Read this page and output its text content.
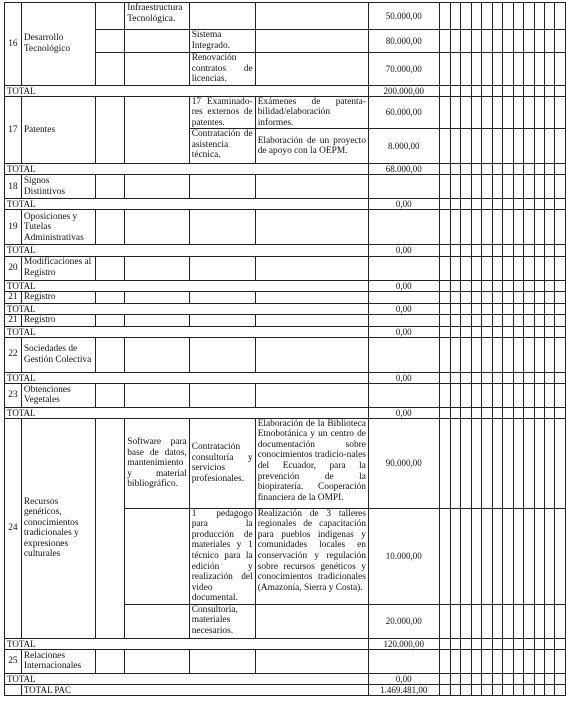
16	Desarrollo Tecnológico		Infraestructura Tecnológica.			50.000,00												
				Sistema Integrado.		80.000,00												
				Renovación contratos de licencias.		70.000,00												
TOTAL						200.000,00												
17	Patentes			17 Examinado-res externos de patentes.	Exámenes de patenta-bilidad/elaboración informes.	60.000,00												
				Contratación de asistencia técnica.	Elaboración de un proyecto de apoyo con la OEPM.	8.000,00												
TOTAL						68.000,00												
18	Signos Distintivos																	
TOTAL						0,00												
19	Oposiciones y Tutelas Administrativas																	
TOTAL						0,00												
20	Modificaciones al Registro																	
TOTAL						0,00												
21	Registro																	
TOTAL						0,00												
21	Registro																	
TOTAL						0,00												
22	Sociedades de Gestión Colectiva																	
TOTAL						0,00												
23	Obtenciones Vegetales																	
TOTAL						0,00												
24	Recursos genéticos, conocimientos tradicionales y expresiones culturales		Software para base de datos, mantenimiento y material bibliográfico.	Contratación consultoría y servicios profesionales.	Elaboración de la Biblioteca Etnobotánica y un centro de documentación sobre conocimientos tradicio-nales del Ecuador, para la prevención de la biopiratería. Cooperación financiera de la OMPI.	90.000,00												
				1 pedagogo para la producción de materiales y 1 técnico para la edición y realización del video documental.	Realización de 3 talleres regionales de capacitación para pueblos indígenas y comunidades locales en conservación y regulación sobre recursos genéticos y conocimientos tradicionales (Amazonía, Sierra y Costa).	10.000,00												
				Consultoría, materiales necesarios.		20.000,00												
TOTAL						120.000,00												
25	Relaciones Internacionales																	
TOTAL						0,00												
	TOTAL PAC					1.469.481,00												
